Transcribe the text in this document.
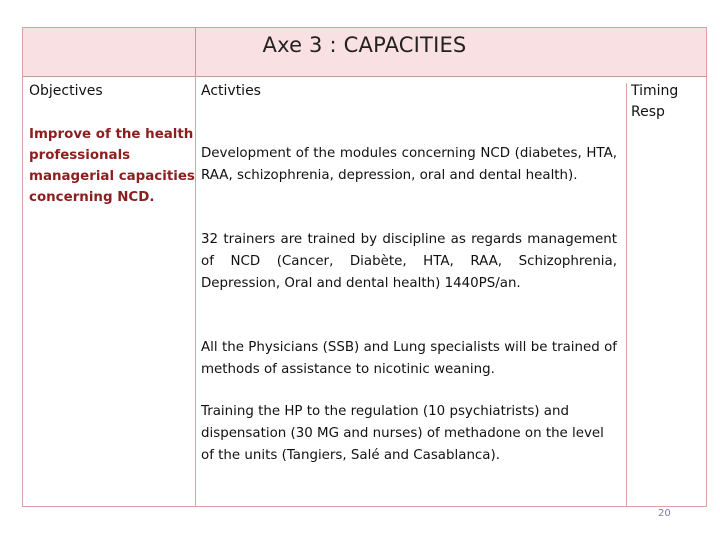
Axe 3 : CAPACITIES
Objectives	Activties	Timing Resp
Improve of the health
professionals
managerial capacities
concerning NCD.
Development of the modules concerning NCD (diabetes, HTA, RAA, schizophrenia, depression, oral and dental health).
32 trainers are trained by discipline as regards management of NCD (Cancer, Diabète, HTA, RAA, Schizophrenia, Depression, Oral and dental health) 1440PS/an.
All the Physicians (SSB) and Lung specialists will be trained of methods of assistance to nicotinic weaning.
Training the HP to the regulation (10 psychiatrists) and dispensation (30 MG and nurses) of methadone on the level of the units (Tangiers, Salé and Casablanca).
20
